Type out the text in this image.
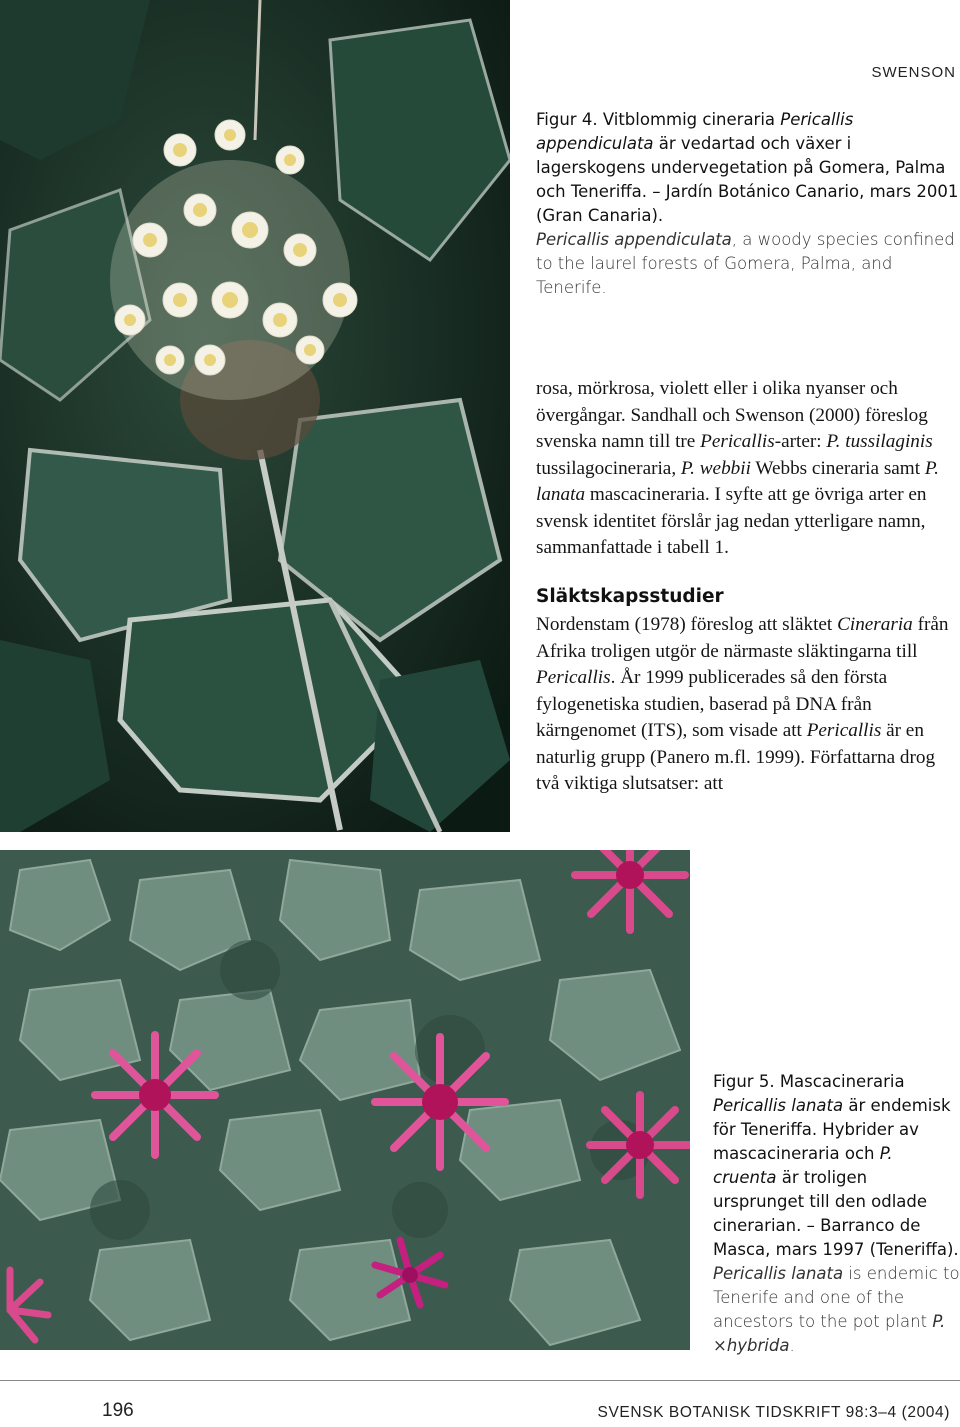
SWENSON
Figur 4. Vitblommig cineraria Pericallis appendiculata är vedartad och växer i lagerskogens undervegetation på Gomera, Palma och Teneriffa. – Jardín Botánico Canario, mars 2001 (Gran Canaria).
Pericallis appendiculata, a woody species confined to the laurel forests of Gomera, Palma, and Tenerife.
rosa, mörkrosa, violett eller i olika nyanser och övergångar. Sandhall och Swenson (2000) föreslog svenska namn till tre Pericallis-arter: P. tussilaginis tussilagocineraria, P. webbii Webbs cineraria samt P. lanata mascacineraria. I syfte att ge övriga arter en svensk identitet förslår jag nedan ytterligare namn, sammanfattade i tabell 1.
Släktskapsstudier
Nordenstam (1978) föreslog att släktet Cineraria från Afrika troligen utgör de närmaste släktingarna till Pericallis. År 1999 publicerades så den första fylogenetiska studien, baserad på DNA från kärngenomet (ITS), som visade att Pericallis är en naturlig grupp (Panero m.fl. 1999). Författarna drog två viktiga slutsatser: att
Figur 5. Mascacineraria Pericallis lanata är endemisk för Teneriffa. Hybrider av mascacineraria och P. cruenta är troligen ursprunget till den odlade cinerarian. – Barranco de Masca, mars 1997 (Teneriffa).
Pericallis lanata is endemic to Tenerife and one of the ancestors to the pot plant P. ×hybrida.
196	SVENSK BOTANISK TIDSKRIFT 98:3–4 (2004)
